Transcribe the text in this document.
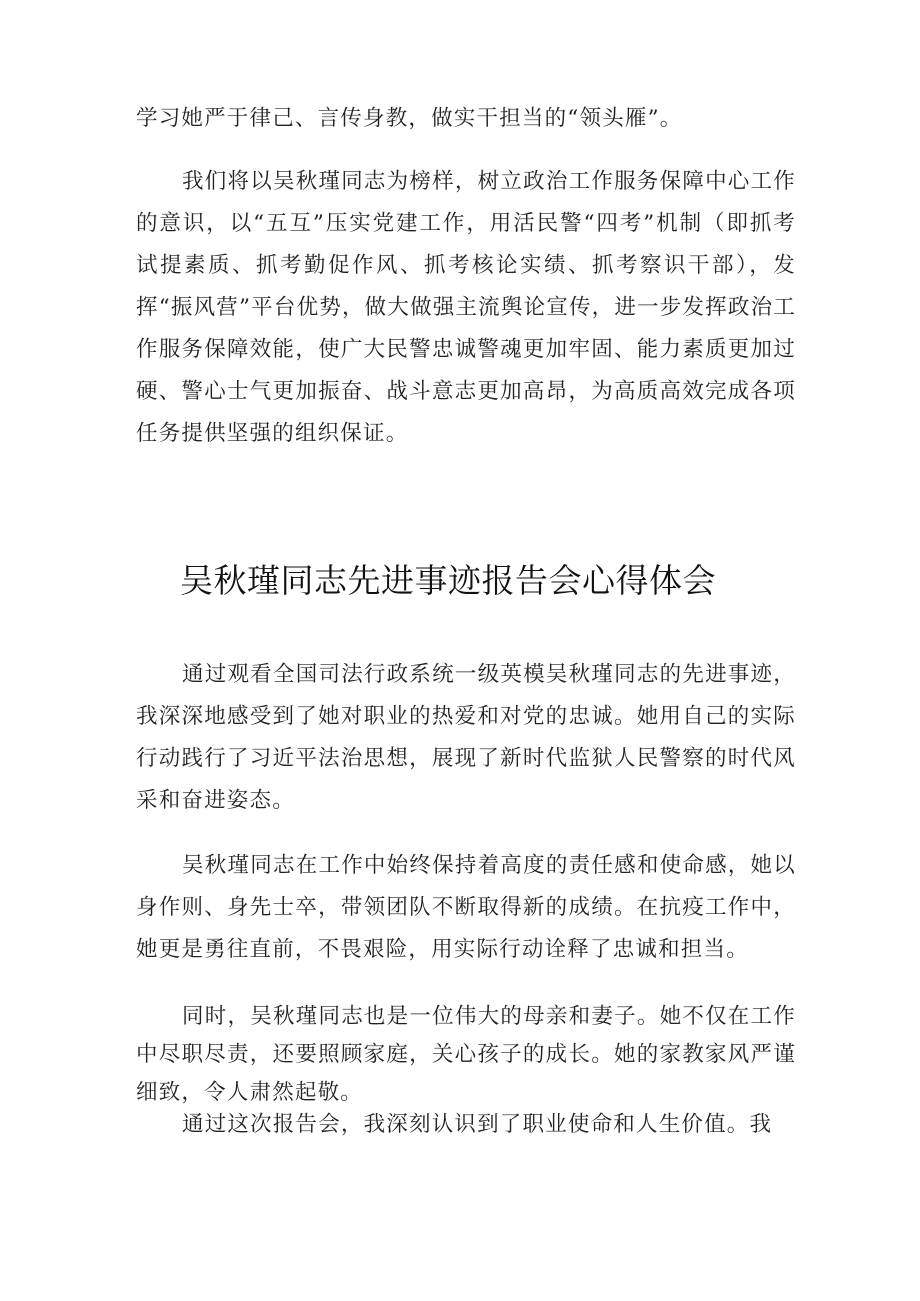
学习她严于律己、言传身教，做实干担当的“领头雁”。

我们将以吴秋瑾同志为榜样，树立政治工作服务保障中心工作的意识，以“五互”压实党建工作，用活民警“四考”机制（即抓考试提素质、抓考勤促作风、抓考核论实绩、抓考察识干部），发挥“振风营”平台优势，做大做强主流舆论宣传，进一步发挥政治工作服务保障效能，使广大民警忠诚警魂更加牢固、能力素质更加过硬、警心士气更加振奋、战斗意志更加高昂，为高质高效完成各项任务提供坚强的组织保证。

吴秋瑾同志先进事迹报告会心得体会

通过观看全国司法行政系统一级英模吴秋瑾同志的先进事迹，我深深地感受到了她对职业的热爱和对党的忠诚。她用自己的实际行动践行了习近平法治思想，展现了新时代监狱人民警察的时代风采和奋进姿态。

吴秋瑾同志在工作中始终保持着高度的责任感和使命感，她以身作则、身先士卒，带领团队不断取得新的成绩。在抗疫工作中，她更是勇往直前，不畏艰险，用实际行动诠释了忠诚和担当。

同时，吴秋瑾同志也是一位伟大的母亲和妻子。她不仅在工作中尽职尽责，还要照顾家庭，关心孩子的成长。她的家教家风严谨细致，令人肃然起敬。

通过这次报告会，我深刻认识到了职业使命和人生价值。我
